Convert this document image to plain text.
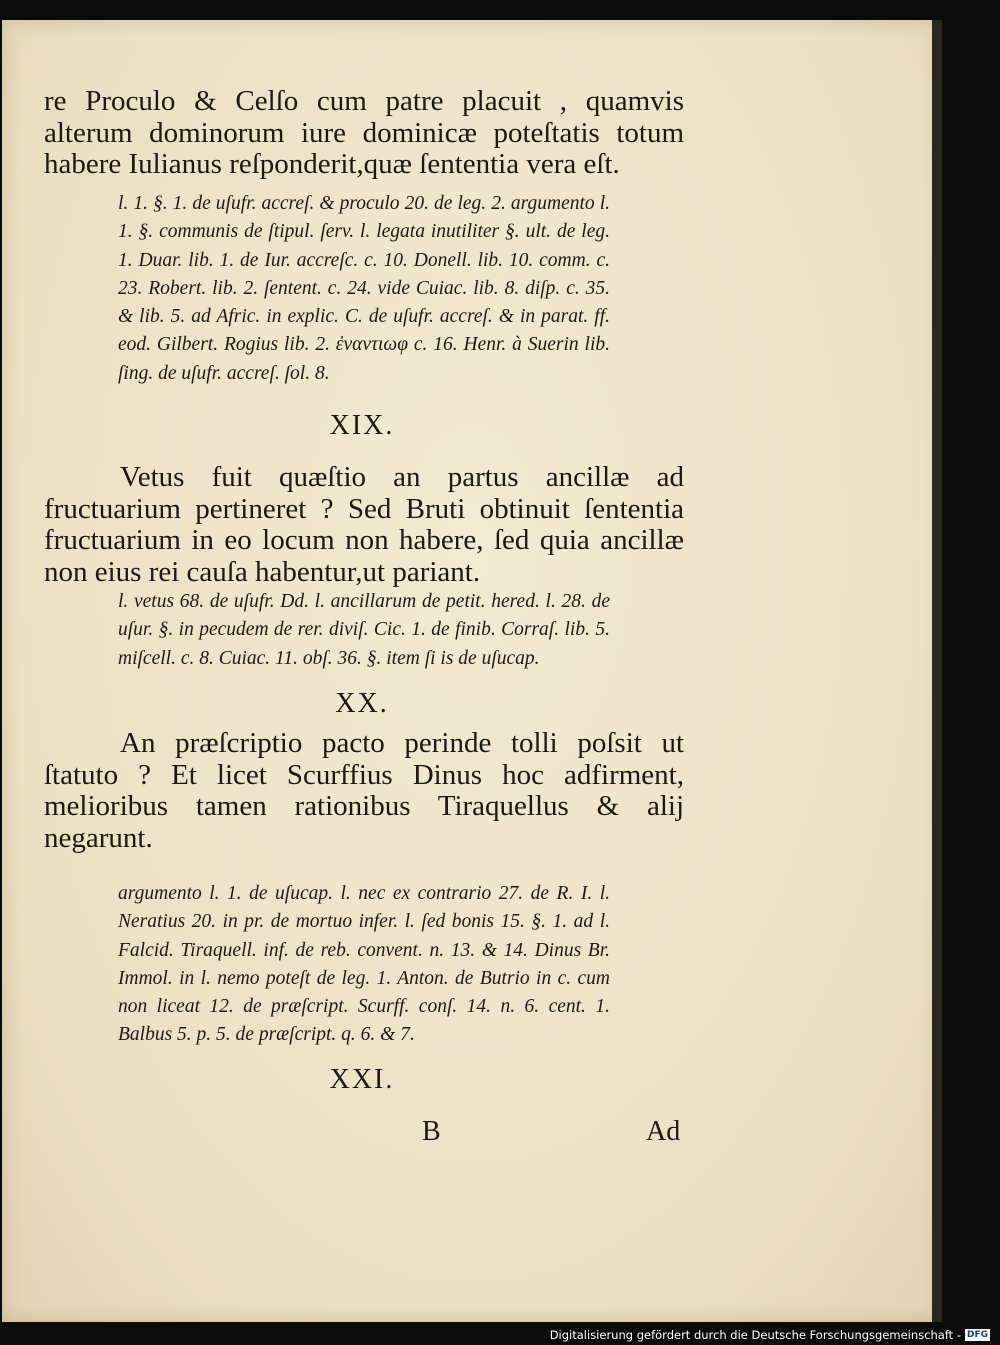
re Proculo & Celſo cum patre placuit , quamvis alterum dominorum iure dominicæ poteſtatis totum habere Iulianus reſponderit,quæ ſententia vera eſt.

l. 1. §. 1. de uſufr. accreſ. & proculo 20. de leg. 2. argumento l. 1. §. communis de ſtipul. ſerv. l. legata inutiliter §. ult. de leg. 1. Duar. lib. 1. de Iur. accreſc. c. 10. Donell. lib. 10. comm. c. 23. Robert. lib. 2. ſentent. c. 24. vide Cuiac. lib. 8. diſp. c. 35. & lib. 5. ad Afric. in explic. C. de uſufr. accreſ. & in parat. ff. eod. Gilbert. Rogius lib. 2. ἐναντιωφ c. 16. Henr. à Suerin lib. ſing. de uſufr. accreſ. ſol. 8.

XIX.

Vetus fuit quæſtio an partus ancillæ ad fructuarium pertineret ? Sed Bruti obtinuit ſententia fructuarium in eo locum non habere, ſed quia ancillæ non eius rei cauſa habentur,ut pariant.

l. vetus 68. de uſufr. Dd. l. ancillarum de petit. hered. l. 28. de uſur. §. in pecudem de rer. diviſ. Cic. 1. de finib. Corraſ. lib. 5. miſcell. c. 8. Cuiac. 11. obſ. 36. §. item ſi is de uſucap.

XX.

An præſcriptio pacto perinde tolli poſsit ut ſtatuto ? Et licet Scurffius Dinus hoc adfirment, melioribus tamen rationibus Tiraquellus & alij negarunt.

argumento l. 1. de uſucap. l. nec ex contrario 27. de R. I. l. Neratius 20. in pr. de mortuo infer. l. ſed bonis 15. §. 1. ad l. Falcid. Tiraquell. inf. de reb. convent. n. 13. & 14. Dinus Br. Immol. in l. nemo poteſt de leg. 1. Anton. de Butrio in c. cum non liceat 12. de præſcript. Scurff. conſ. 14. n. 6. cent. 1. Balbus 5. p. 5. de præſcript. q. 6. & 7.

XXI.

B	Ad

Digitalisierung gefördert durch die Deutsche Forschungsgemeinschaft - DFG
